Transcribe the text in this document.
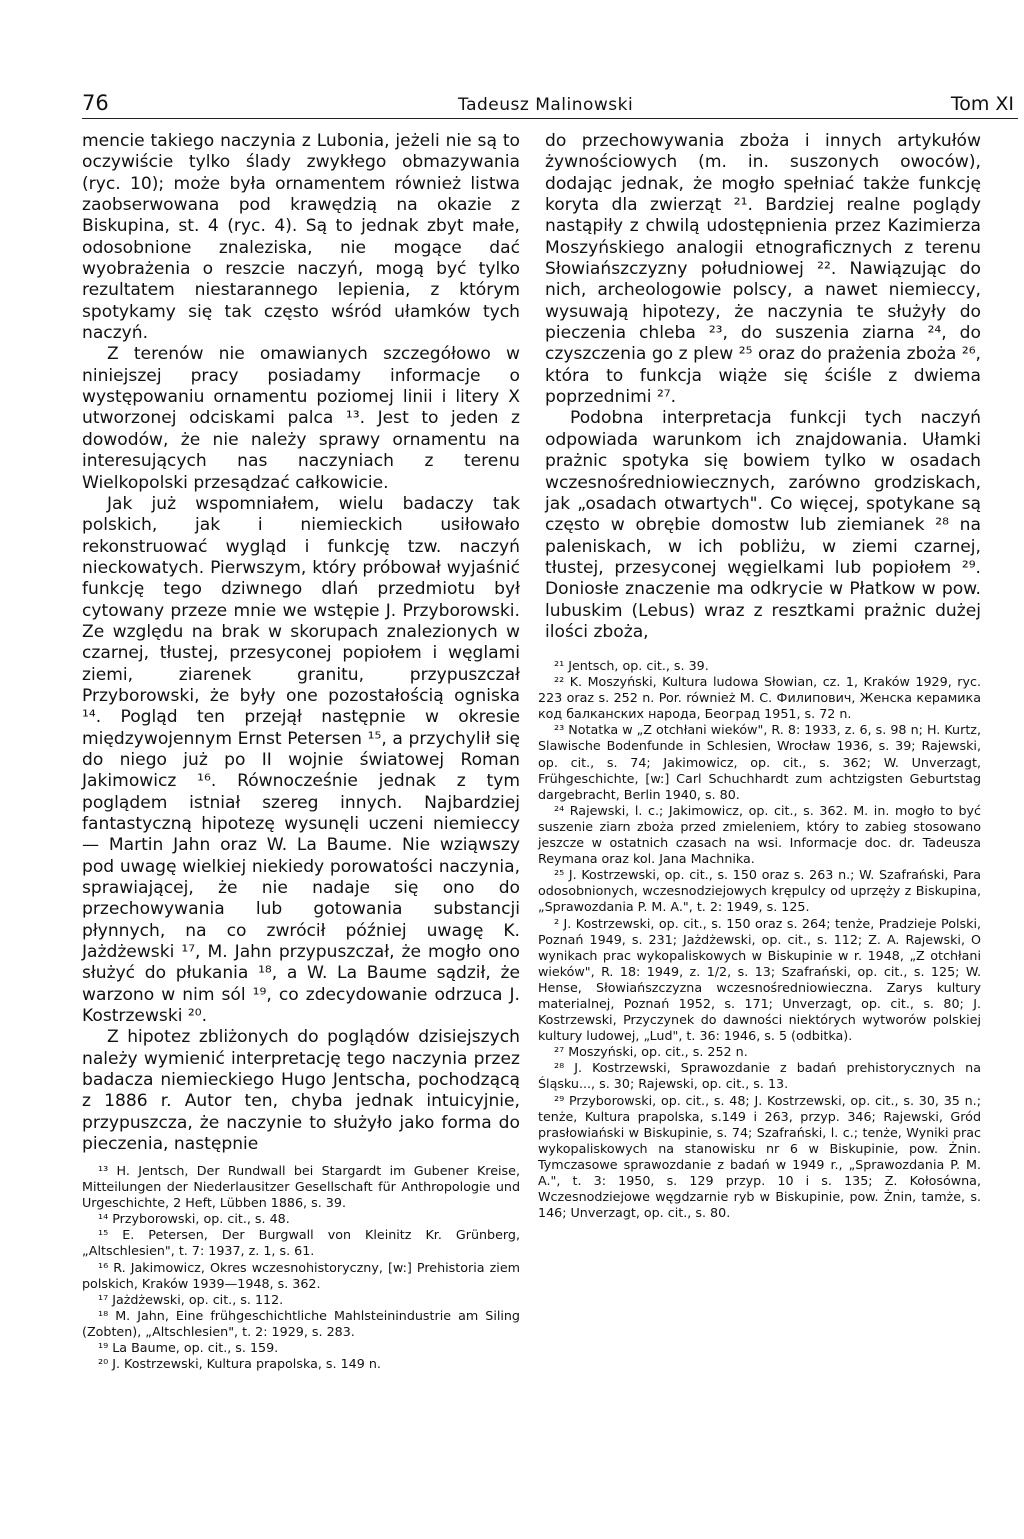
76	Tadeusz Malinowski	Tom XI

mencie takiego naczynia z Lubonia, jeżeli nie są to oczywiście tylko ślady zwykłego obmazywania (ryc. 10); może była ornamentem również listwa zaobserwowana pod krawędzią na okazie z Biskupina, st. 4 (ryc. 4). Są to jednak zbyt małe, odosobnione znaleziska, nie mogące dać wyobrażenia o reszcie naczyń, mogą być tylko rezultatem niestarannego lepienia, z którym spotykamy się tak często wśród ułamków tych naczyń.

Z terenów nie omawianych szczegółowo w niniejszej pracy posiadamy informacje o występowaniu ornamentu poziomej linii i litery X utworzonej odciskami palca ¹³. Jest to jeden z dowodów, że nie należy sprawy ornamentu na interesujących nas naczyniach z terenu Wielkopolski przesądzać całkowicie.

Jak już wspomniałem, wielu badaczy tak polskich, jak i niemieckich usiłowało rekonstruować wygląd i funkcję tzw. naczyń nieckowatych. Pierwszym, który próbował wyjaśnić funkcję tego dziwnego dlań przedmiotu był cytowany przeze mnie we wstępie J. Przyborowski. Ze względu na brak w skorupach znalezionych w czarnej, tłustej, przesyconej popiołem i węglami ziemi, ziarenek granitu, przypuszczał Przyborowski, że były one pozostałością ogniska ¹⁴. Pogląd ten przejął następnie w okresie międzywojennym Ernst Petersen ¹⁵, a przychylił się do niego już po II wojnie światowej Roman Jakimowicz ¹⁶. Równocześnie jednak z tym poglądem istniał szereg innych. Najbardziej fantastyczną hipotezę wysunęli uczeni niemieccy — Martin Jahn oraz W. La Baume. Nie wziąwszy pod uwagę wielkiej niekiedy porowatości naczynia, sprawiającej, że nie nadaje się ono do przechowywania lub gotowania substancji płynnych, na co zwrócił później uwagę K. Jażdżewski ¹⁷, M. Jahn przypuszczał, że mogło ono służyć do płukania ¹⁸, a W. La Baume sądził, że warzono w nim sól ¹⁹, co zdecydowanie odrzuca J. Kostrzewski ²⁰.

Z hipotez zbliżonych do poglądów dzisiejszych należy wymienić interpretację tego naczynia przez badacza niemieckiego Hugo Jentscha, pochodzącą z 1886 r. Autor ten, chyba jednak intuicyjnie, przypuszcza, że naczynie to służyło jako forma do pieczenia, następnie

¹³ H. Jentsch, Der Rundwall bei Stargardt im Gubener Kreise, Mitteilungen der Niederlausitzer Gesellschaft für Anthropologie und Urgeschichte, 2 Heft, Lübben 1886, s. 39.

¹⁴ Przyborowski, op. cit., s. 48.

¹⁵ E. Petersen, Der Burgwall von Kleinitz Kr. Grünberg, „Altschlesien", t. 7: 1937, z. 1, s. 61.

¹⁶ R. Jakimowicz, Okres wczesnohistoryczny, [w:] Prehistoria ziem polskich, Kraków 1939—1948, s. 362.

¹⁷ Jażdżewski, op. cit., s. 112.

¹⁸ M. Jahn, Eine frühgeschichtliche Mahlsteinindustrie am Siling (Zobten), „Altschlesien", t. 2: 1929, s. 283.

¹⁹ La Baume, op. cit., s. 159.

²⁰ J. Kostrzewski, Kultura prapolska, s. 149 n.

do przechowywania zboża i innych artykułów żywnościowych (m. in. suszonych owoców), dodając jednak, że mogło spełniać także funkcję koryta dla zwierząt ²¹. Bardziej realne poglądy nastąpiły z chwilą udostępnienia przez Kazimierza Moszyńskiego analogii etnograficznych z terenu Słowiańszczyzny południowej ²². Nawiązując do nich, archeologowie polscy, a nawet niemieccy, wysuwają hipotezy, że naczynia te służyły do pieczenia chleba ²³, do suszenia ziarna ²⁴, do czyszczenia go z plew ²⁵ oraz do prażenia zboża ²⁶, która to funkcja wiąże się ściśle z dwiema poprzednimi ²⁷.

Podobna interpretacja funkcji tych naczyń odpowiada warunkom ich znajdowania. Ułamki prażnic spotyka się bowiem tylko w osadach wczesnośredniowiecznych, zarówno grodziskach, jak „osadach otwartych". Co więcej, spotykane są często w obrębie domostw lub ziemianek ²⁸ na paleniskach, w ich pobliżu, w ziemi czarnej, tłustej, przesyconej węgielkami lub popiołem ²⁹. Doniosłe znaczenie ma odkrycie w Płatkow w pow. lubuskim (Lebus) wraz z resztkami prażnic dużej ilości zboża,

²¹ Jentsch, op. cit., s. 39.

²² K. Moszyński, Kultura ludowa Słowian, cz. 1, Kraków 1929, ryc. 223 oraz s. 252 n. Por. również M. С. Филипович, Женска керамика код балканских народа, Београд 1951, s. 72 n.

²³ Notatka w „Z otchłani wieków", R. 8: 1933, z. 6, s. 98 n; H. Kurtz, Slawische Bodenfunde in Schlesien, Wrocław 1936, s. 39; Rajewski, op. cit., s. 74; Jakimowicz, op. cit., s. 362; W. Unverzagt, Frühgeschichte, [w:] Carl Schuchhardt zum achtzigsten Geburtstag dargebracht, Berlin 1940, s. 80.

²⁴ Rajewski, l. c.; Jakimowicz, op. cit., s. 362. M. in. mogło to być suszenie ziarn zboża przed zmieleniem, który to zabieg stosowano jeszcze w ostatnich czasach na wsi. Informacje doc. dr. Tadeusza Reymana oraz kol. Jana Machnika.

²⁵ J. Kostrzewski, op. cit., s. 150 oraz s. 263 n.; W. Szafrański, Para odosobnionych, wczesnodziejowych krępulcy od uprzęży z Biskupina, „Sprawozdania P. M. A.", t. 2: 1949, s. 125.

² J. Kostrzewski, op. cit., s. 150 oraz s. 264; tenże, Pradzieje Polski, Poznań 1949, s. 231; Jażdżewski, op. cit., s. 112; Z. A. Rajewski, O wynikach prac wykopaliskowych w Biskupinie w r. 1948, „Z otchłani wieków", R. 18: 1949, z. 1/2, s. 13; Szafrański, op. cit., s. 125; W. Hense, Słowiańszczyzna wczesnośredniowieczna. Zarys kultury materialnej, Poznań 1952, s. 171; Unverzagt, op. cit., s. 80; J. Kostrzewski, Przyczynek do dawności niektórych wytworów polskiej kultury ludowej, „Lud", t. 36: 1946, s. 5 (odbitka).

²⁷ Moszyński, op. cit., s. 252 n.

²⁸ J. Kostrzewski, Sprawozdanie z badań prehistorycznych na Śląsku..., s. 30; Rajewski, op. cit., s. 13.

²⁹ Przyborowski, op. cit., s. 48; J. Kostrzewski, op. cit., s. 30, 35 n.; tenże, Kultura prapolska, s.149 i 263, przyp. 346; Rajewski, Gród prasłowiański w Biskupinie, s. 74; Szafrański, l. c.; tenże, Wyniki prac wykopaliskowych na stanowisku nr 6 w Biskupinie, pow. Żnin. Tymczasowe sprawozdanie z badań w 1949 r., „Sprawozdania P. M. A.", t. 3: 1950, s. 129 przyp. 10 i s. 135; Z. Kołosówna, Wczesnodziejowe węgdzarnie ryb w Biskupinie, pow. Żnin, tamże, s. 146; Unverzagt, op. cit., s. 80.
